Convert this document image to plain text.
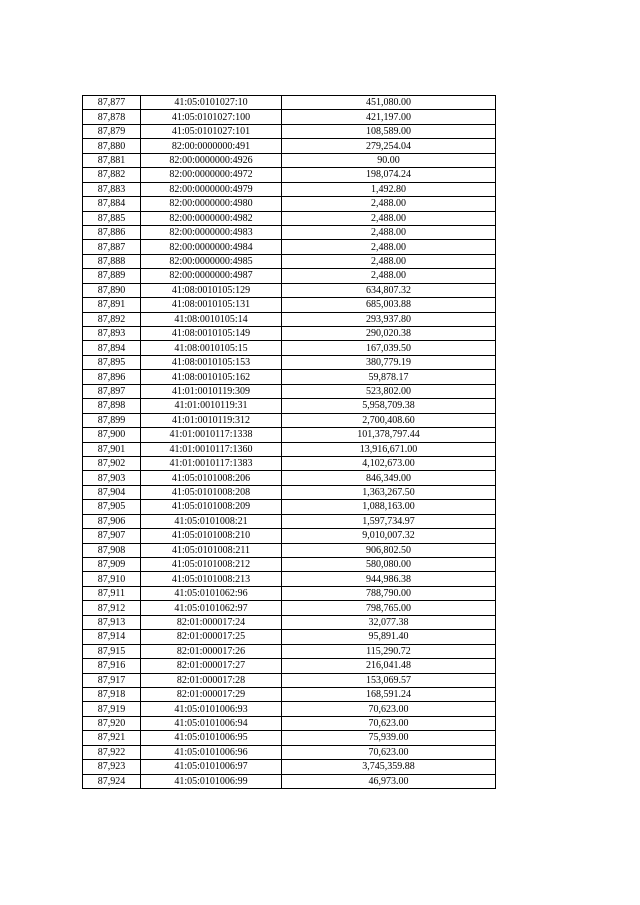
87,877	41:05:0101027:10	451,080.00
87,878	41:05:0101027:100	421,197.00
87,879	41:05:0101027:101	108,589.00
87,880	82:00:0000000:491	279,254.04
87,881	82:00:0000000:4926	90.00
87,882	82:00:0000000:4972	198,074.24
87,883	82:00:0000000:4979	1,492.80
87,884	82:00:0000000:4980	2,488.00
87,885	82:00:0000000:4982	2,488.00
87,886	82:00:0000000:4983	2,488.00
87,887	82:00:0000000:4984	2,488.00
87,888	82:00:0000000:4985	2,488.00
87,889	82:00:0000000:4987	2,488.00
87,890	41:08:0010105:129	634,807.32
87,891	41:08:0010105:131	685,003.88
87,892	41:08:0010105:14	293,937.80
87,893	41:08:0010105:149	290,020.38
87,894	41:08:0010105:15	167,039.50
87,895	41:08:0010105:153	380,779.19
87,896	41:08:0010105:162	59,878.17
87,897	41:01:0010119:309	523,802.00
87,898	41:01:0010119:31	5,958,709.38
87,899	41:01:0010119:312	2,700,408.60
87,900	41:01:0010117:1338	101,378,797.44
87,901	41:01:0010117:1360	13,916,671.00
87,902	41:01:0010117:1383	4,102,673.00
87,903	41:05:0101008:206	846,349.00
87,904	41:05:0101008:208	1,363,267.50
87,905	41:05:0101008:209	1,088,163.00
87,906	41:05:0101008:21	1,597,734.97
87,907	41:05:0101008:210	9,010,007.32
87,908	41:05:0101008:211	906,802.50
87,909	41:05:0101008:212	580,080.00
87,910	41:05:0101008:213	944,986.38
87,911	41:05:0101062:96	788,790.00
87,912	41:05:0101062:97	798,765.00
87,913	82:01:000017:24	32,077.38
87,914	82:01:000017:25	95,891.40
87,915	82:01:000017:26	115,290.72
87,916	82:01:000017:27	216,041.48
87,917	82:01:000017:28	153,069.57
87,918	82:01:000017:29	168,591.24
87,919	41:05:0101006:93	70,623.00
87,920	41:05:0101006:94	70,623.00
87,921	41:05:0101006:95	75,939.00
87,922	41:05:0101006:96	70,623.00
87,923	41:05:0101006:97	3,745,359.88
87,924	41:05:0101006:99	46,973.00
